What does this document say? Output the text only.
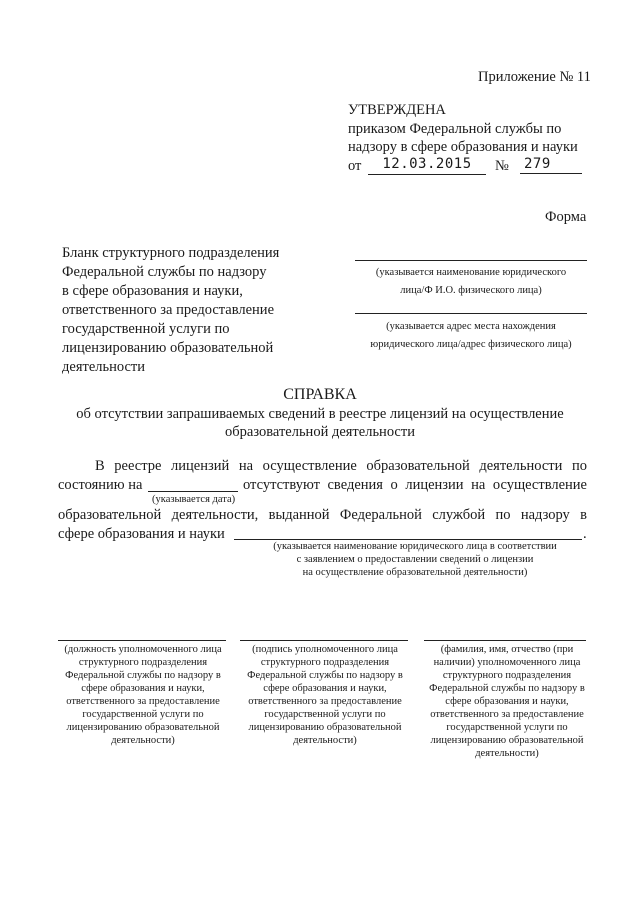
Приложение № 11
УТВЕРЖДЕНА
приказом Федеральной службы по
надзору в сфере образования и науки
от	12.03.2015	№ 279
Форма
Бланк структурного подразделения
Федеральной службы по надзору
в сфере образования и науки,
ответственного за предоставление
государственной услуги по
лицензированию образовательной
деятельности
(указывается наименование юридического
лица/Ф И.О. физического лица)
(указывается адрес места нахождения
юридического лица/адрес физического лица)
СПРАВКА
об отсутствии запрашиваемых сведений в реестре лицензий на осуществление
образовательной деятельности
В реестре лицензий на осуществление образовательной деятельности по
состоянию на
(указывается дата)
отсутствуют сведения о лицензии на осуществление
образовательной деятельности, выданной Федеральной службой по надзору в
сфере образования и науки	.
(указывается наименование юридического лица в соответствии
с заявлением о предоставлении сведений о лицензии
на осуществление образовательной деятельности)
(должность уполномоченного лица
структурного подразделения
Федеральной службы по надзору в
сфере образования и науки,
ответственного за предоставление
государственной услуги по
лицензированию образовательной
деятельности)
(подпись уполномоченного лица
структурного подразделения
Федеральной службы по надзору в
сфере образования и науки,
ответственного за предоставление
государственной услуги по
лицензированию образовательной
деятельности)
(фамилия, имя, отчество (при
наличии) уполномоченного лица
структурного подразделения
Федеральной службы по надзору в
сфере образования и науки,
ответственного за предоставление
государственной услуги по
лицензированию образовательной
деятельности)
